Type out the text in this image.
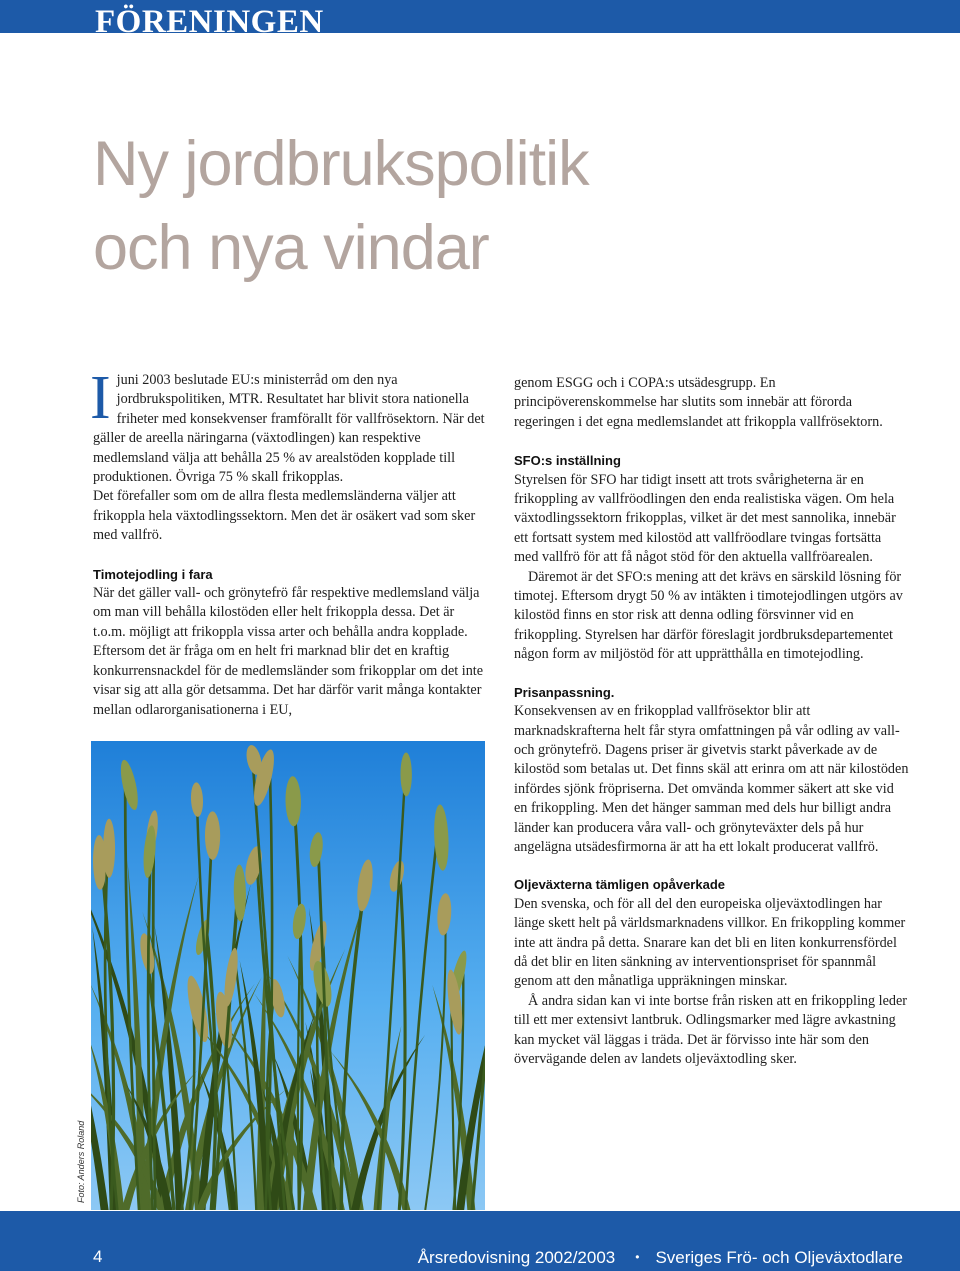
FÖRENINGEN
Ny jordbrukspolitik
och nya vindar

Ijuni 2003 beslutade EU:s ministerråd om den nya jordbrukspolitiken, MTR. Resultatet har blivit stora nationella friheter med konsekvenser framförallt för vallfrösektorn. När det gäller de areella näringarna (växtodlingen) kan respektive medlemsland välja att behålla 25 % av arealstöden kopplade till produktionen. Övriga 75 % skall frikopplas.

Det förefaller som om de allra flesta medlemsländerna väljer att frikoppla hela växtodlingssektorn. Men det är osäkert vad som sker med vallfrö.

Timotejodling i fara

När det gäller vall- och grönytefrö får respektive medlemsland välja om man vill behålla kilostöden eller helt frikoppla dessa. Det är t.o.m. möjligt att frikoppla vissa arter och behålla andra kopplade. Eftersom det är fråga om en helt fri marknad blir det en kraftig konkurrensnackdel för de medlemsländer som frikopplar om det inte visar sig att alla gör detsamma. Det har därför varit många kontakter mellan odlarorganisationerna i EU,

Foto: Anders Roland

genom ESGG och i COPA:s utsädesgrupp. En principöverenskommelse har slutits som innebär att förorda regeringen i det egna medlemslandet att frikoppla vallfrösektorn.

SFO:s inställning

Styrelsen för SFO har tidigt insett att trots svårigheterna är en frikoppling av vallfröodlingen den enda realistiska vägen. Om hela växtodlingssektorn frikopplas, vilket är det mest sannolika, innebär ett fortsatt system med kilostöd att vallfröodlare tvingas fortsätta med vallfrö för att få något stöd för den aktuella vallfröarealen.

Däremot är det SFO:s mening att det krävs en särskild lösning för timotej. Eftersom drygt 50 % av intäkten i timotejodlingen utgörs av kilostöd finns en stor risk att denna odling försvinner vid en frikoppling. Styrelsen har därför föreslagit jordbruksdepartementet någon form av miljöstöd för att upprätthålla en timotejodling.

Prisanpassning.

Konsekvensen av en frikopplad vallfrösektor blir att marknadskrafterna helt får styra omfattningen på vår odling av vall- och grönytefrö. Dagens priser är givetvis starkt påverkade av de kilostöd som betalas ut. Det finns skäl att erinra om att när kilostöden infördes sjönk fröpriserna. Det omvända kommer säkert att ske vid en frikoppling. Men det hänger samman med dels hur billigt andra länder kan producera våra vall- och grönyteväxter dels på hur angelägna utsädesfirmorna är att ha ett lokalt producerat vallfrö.

Oljeväxterna tämligen opåverkade

Den svenska, och för all del den europeiska oljeväxtodlingen har länge skett helt på världsmarknadens villkor. En frikoppling kommer inte att ändra på detta. Snarare kan det bli en liten konkurrensfördel då det blir en liten sänkning av interventionspriset för spannmål genom att den månatliga uppräkningen minskar.

Å andra sidan kan vi inte bortse från risken att en frikoppling leder till ett mer extensivt lantbruk. Odlingsmarker med lägre avkastning kan mycket väl läggas i träda. Det är förvisso inte här som den övervägande delen av landets oljeväxtodling sker.

4	Årsredovisning 2002/2003 • Sveriges Frö- och Oljeväxtodlare
